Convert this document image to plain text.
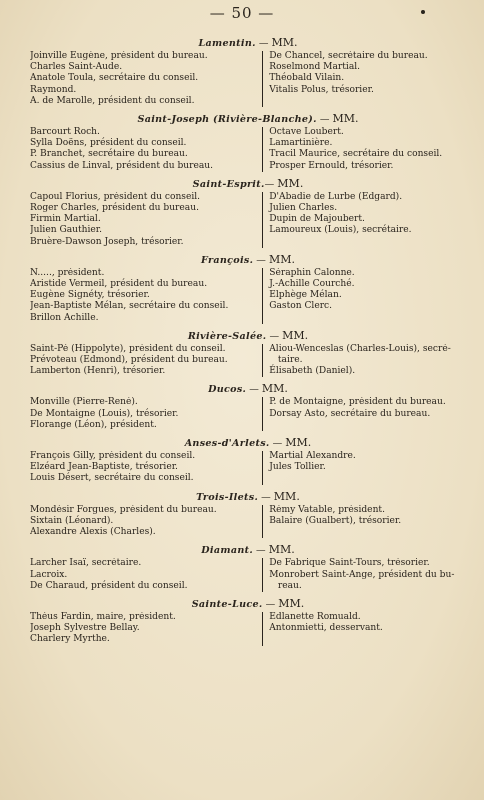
— 50 —
Lamentin. — MM.
Joinville Eugène, président du bureau.
Charles Saint-Aude.
Anatole Toula, secrétaire du conseil.
Raymond.
A. de Marolle, président du conseil.
De Chancel, secrétaire du bureau.
Roselmond Martial.
Théobald Vilain.
Vitalis Polus, trésorier.
Saint-Joseph (Rivière-Blanche). — MM.
Barcourt Roch.
Sylla Doëns, président du conseil.
P. Branchet, secrétaire du bureau.
Cassius de Linval, président du bureau.
Octave Loubert.
Lamartinière.
Tracil Maurice, secrétaire du conseil.
Prosper Ernould, trésorier.
Saint-Esprit.— MM.
Capoul Florius, président du conseil.
Roger Charles, président du bureau.
Firmin Martial.
Julien Gauthier.
Bruère-Dawson Joseph, trésorier.
D'Abadie de Lurbe (Edgard).
Julien Charles.
Dupin de Majoubert.
Lamoureux (Louis), secrétaire.
François. — MM.
N....., président.
Aristide Vermeil, président du bureau.
Eugène Signéty, trésorier.
Jean-Baptiste Mélan, secrétaire du conseil.
Brillon Achille.
Séraphin Calonne.
J.-Achille Courché.
Elphège Mélan.
Gaston Clerc.
Rivière-Salée. — MM.
Saint-Pé (Hippolyte), président du conseil.
Prévoteau (Edmond), président du bureau.
Lamberton (Henri), trésorier.
Aliou-Wenceslas (Charles-Louis), secré-
taire.
Élisabeth (Daniel).
Ducos. — MM.
Monville (Pierre-René).
De Montaigne (Louis), trésorier.
Florange (Léon), président.
P. de Montaigne, président du bureau.
Dorsay Asto, secrétaire du bureau.
Anses-d'Arlets. — MM.
François Gilly, président du conseil.
Elzéard Jean-Baptiste, trésorier.
Louis Désert, secrétaire du conseil.
Martial Alexandre.
Jules Tollier.
Trois-Ilets. — MM.
Mondésir Forgues, président du bureau.
Sixtain (Léonard).
Alexandre Alexis (Charles).
Rémy Vatable, président.
Balaire (Gualbert), trésorier.
Diamant. — MM.
Larcher Isaï, secrétaire.
Lacroix.
De Charaud, président du conseil.
De Fabrique Saint-Tours, trésorier.
Monrobert Saint-Ange, président du bu-
reau.
Sainte-Luce. — MM.
Théus Fardin, maire, président.
Joseph Sylvestre Bellay.
Charlery Myrthe.
Edlanette Romuald.
Antonmietti, desservant.
